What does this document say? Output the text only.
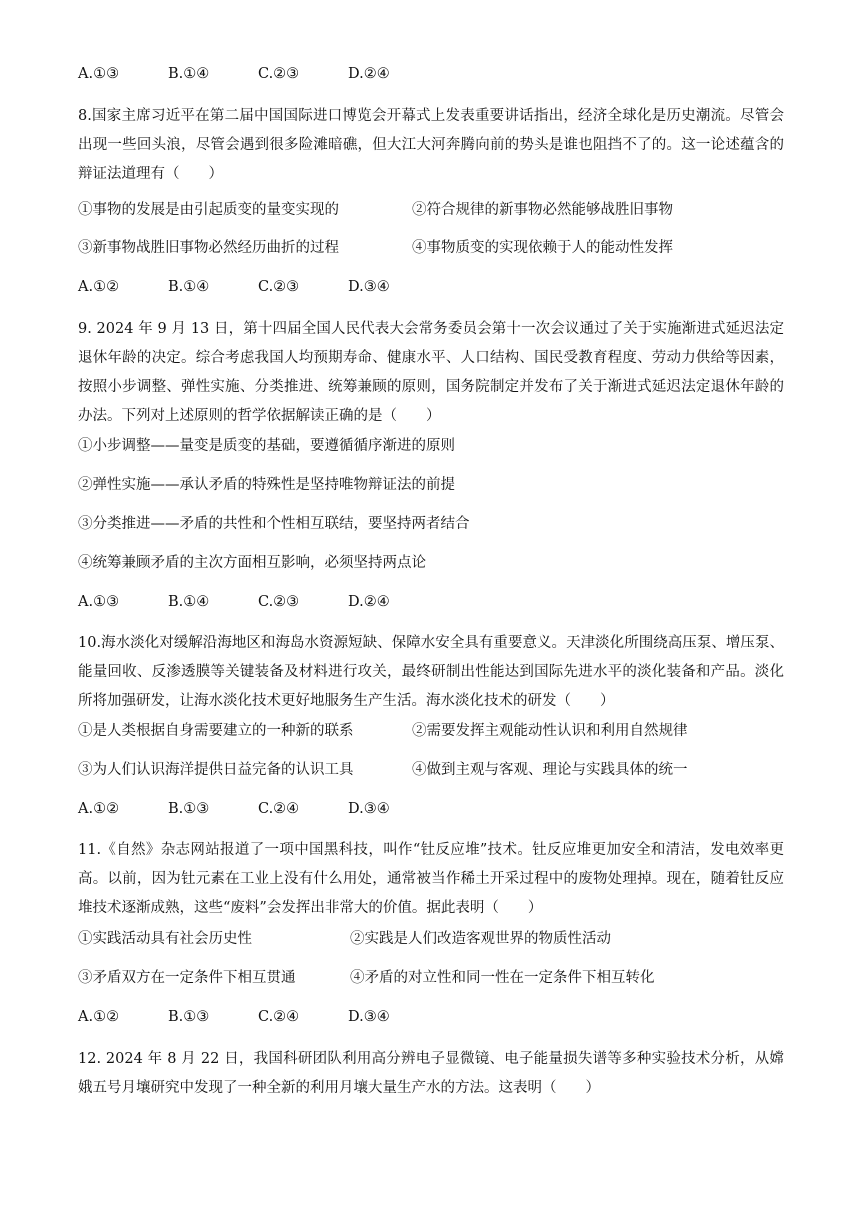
A.①③	B.①④	C.②③	D.②④
8.国家主席习近平在第二届中国国际进口博览会开幕式上发表重要讲话指出，经济全球化是历史潮流。尽管会出现一些回头浪，尽管会遇到很多险滩暗礁，但大江大河奔腾向前的势头是谁也阻挡不了的。这一论述蕴含的辩证法道理有（　　）
①事物的发展是由引起质变的量变实现的	②符合规律的新事物必然能够战胜旧事物
③新事物战胜旧事物必然经历曲折的过程	④事物质变的实现依赖于人的能动性发挥
A.①②	B.①④	C.②③	D.③④
9. 2024 年 9 月 13 日，第十四届全国人民代表大会常务委员会第十一次会议通过了关于实施渐进式延迟法定退休年龄的决定。综合考虑我国人均预期寿命、健康水平、人口结构、国民受教育程度、劳动力供给等因素，按照小步调整、弹性实施、分类推进、统筹兼顾的原则，国务院制定并发布了关于渐进式延迟法定退休年龄的办法。下列对上述原则的哲学依据解读正确的是（　　）
①小步调整——量变是质变的基础，要遵循循序渐进的原则
②弹性实施——承认矛盾的特殊性是坚持唯物辩证法的前提
③分类推进——矛盾的共性和个性相互联结，要坚持两者结合
④统筹兼顾矛盾的主次方面相互影响，必须坚持两点论
A.①③	B.①④	C.②③	D.②④
10.海水淡化对缓解沿海地区和海岛水资源短缺、保障水安全具有重要意义。天津淡化所围绕高压泵、增压泵、能量回收、反渗透膜等关键装备及材料进行攻关，最终研制出性能达到国际先进水平的淡化装备和产品。淡化所将加强研发，让海水淡化技术更好地服务生产生活。海水淡化技术的研发（　　）
①是人类根据自身需要建立的一种新的联系	②需要发挥主观能动性认识和利用自然规律
③为人们认识海洋提供日益完备的认识工具	④做到主观与客观、理论与实践具体的统一
A.①②	B.①③	C.②④	D.③④
11.《自然》杂志网站报道了一项中国黑科技，叫作“钍反应堆”技术。钍反应堆更加安全和清洁，发电效率更高。以前，因为钍元素在工业上没有什么用处，通常被当作稀土开采过程中的废物处理掉。现在，随着钍反应堆技术逐渐成熟，这些“废料”会发挥出非常大的价值。据此表明（　　）
①实践活动具有社会历史性	②实践是人们改造客观世界的物质性活动
③矛盾双方在一定条件下相互贯通	④矛盾的对立性和同一性在一定条件下相互转化
A.①②	B.①③	C.②④	D.③④
12. 2024 年 8 月 22 日，我国科研团队利用高分辨电子显微镜、电子能量损失谱等多种实验技术分析，从嫦娥五号月壤研究中发现了一种全新的利用月壤大量生产水的方法。这表明（　　）
